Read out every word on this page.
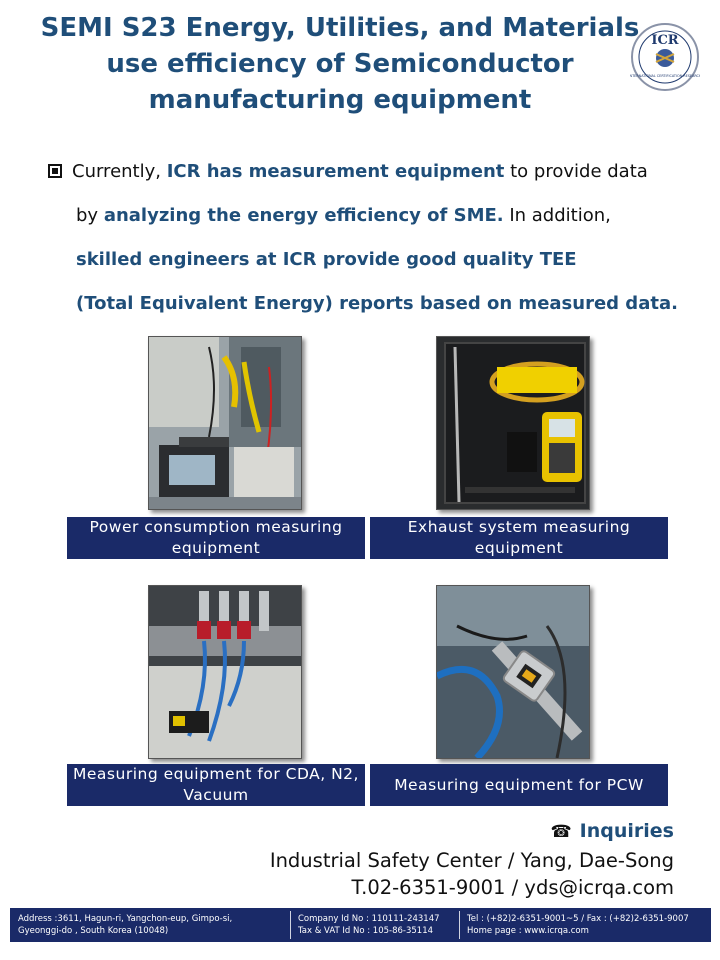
SEMI S23 Energy, Utilities, and Materials
use efficiency of Semiconductor
manufacturing equipment
ICR
INTERNATIONAL CERTIFICATION RESEARCH
Currently, ICR has measurement equipment to provide data
by analyzing the energy efficiency of SME. In addition,
skilled engineers at ICR provide good quality TEE
(Total Equivalent Energy) reports based on measured data.
Power consumption measuring equipment
Exhaust system measuring equipment
Measuring equipment for CDA, N2, Vacuum
Measuring equipment for PCW
☎ Inquiries
Industrial Safety Center / Yang, Dae-Song
T.02-6351-9001 / yds@icrqa.com
Address :3611, Hagun-ri, Yangchon-eup, Gimpo-si,
Gyeonggi-do , South Korea (10048)
Company Id No : 110111-243147
Tax & VAT Id No : 105-86-35114
Tel : (+82)2-6351-9001~5 / Fax : (+82)2-6351-9007
Home page : www.icrqa.com
